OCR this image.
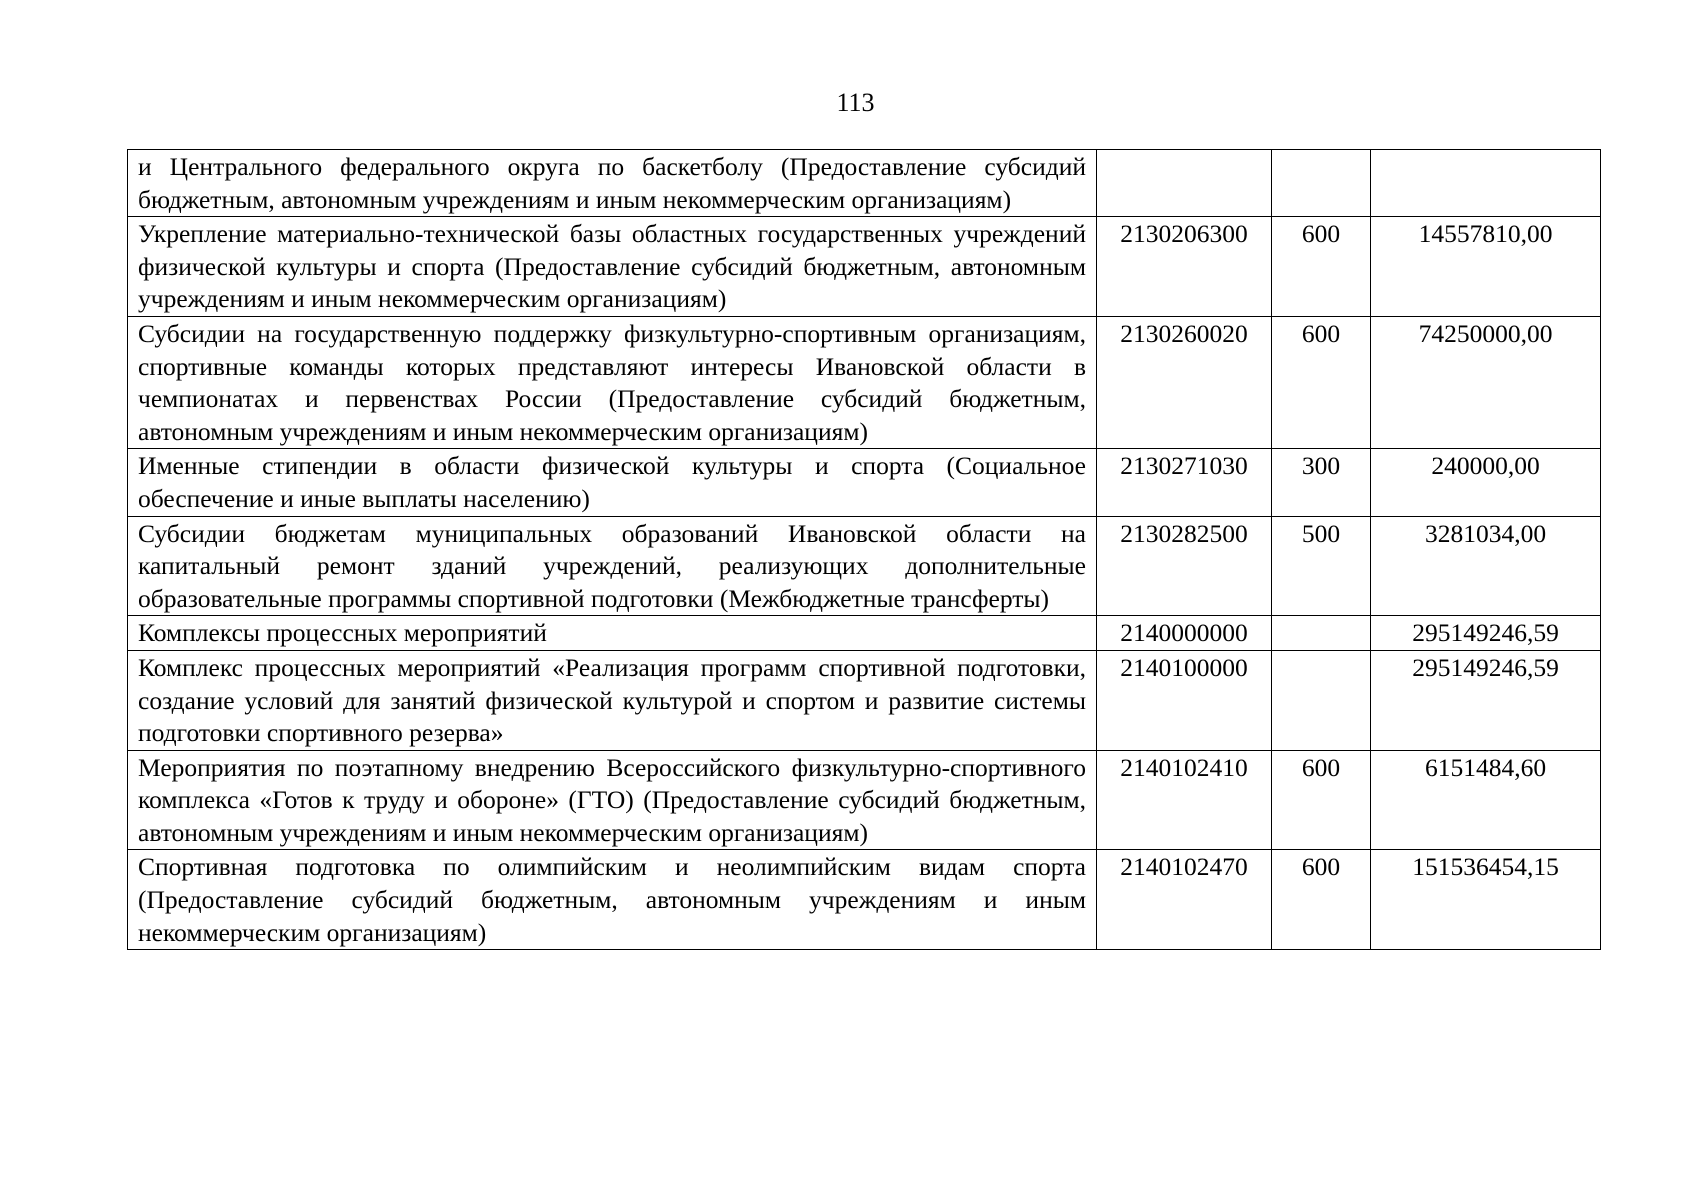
113
и Центрального федерального округа по баскетболу (Предоставление субсидий бюджетным, автономным учреждениям и иным некоммерческим организациям)			
Укрепление материально-технической базы областных государственных учреждений физической культуры и спорта (Предоставление субсидий бюджетным, автономным учреждениям и иным некоммерческим организациям)	2130206300	600	14557810,00
Субсидии на государственную поддержку физкультурно-спортивным организациям, спортивные команды которых представляют интересы Ивановской области в чемпионатах и первенствах России (Предоставление субсидий бюджетным, автономным учреждениям и иным некоммерческим организациям)	2130260020	600	74250000,00
Именные стипендии в области физической культуры и спорта (Социальное обеспечение и иные выплаты населению)	2130271030	300	240000,00
Субсидии бюджетам муниципальных образований Ивановской области на капитальный ремонт зданий учреждений, реализующих дополнительные образовательные программы спортивной подготовки (Межбюджетные трансферты)	2130282500	500	3281034,00
Комплексы процессных мероприятий	2140000000		295149246,59
Комплекс процессных мероприятий «Реализация программ спортивной подготовки, создание условий для занятий физической культурой и спортом и развитие системы подготовки спортивного резерва»	2140100000		295149246,59
Мероприятия по поэтапному внедрению Всероссийского физкультурно-спортивного комплекса «Готов к труду и обороне» (ГТО) (Предоставление субсидий бюджетным, автономным учреждениям и иным некоммерческим организациям)	2140102410	600	6151484,60
Спортивная подготовка по олимпийским и неолимпийским видам спорта (Предоставление субсидий бюджетным, автономным учреждениям и иным некоммерческим организациям)	2140102470	600	151536454,15
